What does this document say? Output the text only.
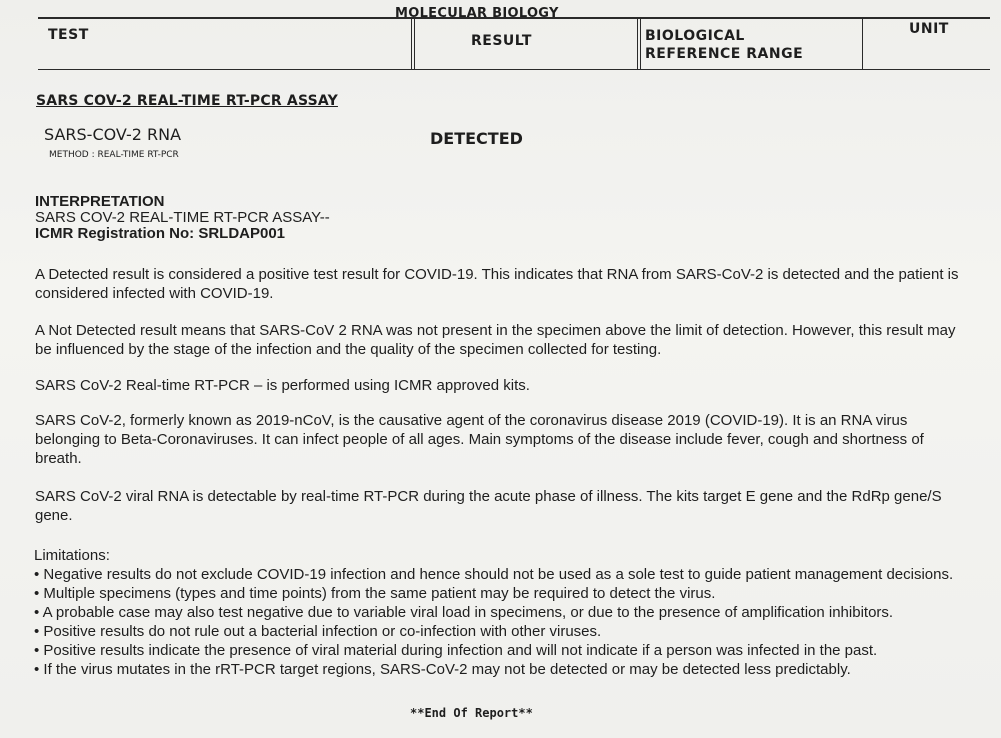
MOLECULAR BIOLOGY
TEST	RESULT	BIOLOGICAL
REFERENCE RANGE
UNIT
SARS COV-2 REAL-TIME RT-PCR ASSAY
SARS-COV-2 RNA
METHOD : REAL-TIME RT-PCR
DETECTED
INTERPRETATION
SARS COV-2 REAL-TIME RT-PCR ASSAY--
ICMR Registration No: SRLDAP001
A Detected result is considered a positive test result for COVID-19. This indicates that RNA from SARS-CoV-2 is detected and the patient is considered infected with COVID-19.
A Not Detected result means that SARS-CoV 2 RNA was not present in the specimen above the limit of detection. However, this result may be influenced by the stage of the infection and the quality of the specimen collected for testing.
SARS CoV-2 Real-time RT-PCR – is performed using ICMR approved kits.
SARS CoV-2, formerly known as 2019-nCoV, is the causative agent of the coronavirus disease 2019 (COVID-19). It is an RNA virus belonging to Beta-Coronaviruses. It can infect people of all ages. Main symptoms of the disease include fever, cough and shortness of breath.
SARS CoV-2 viral RNA is detectable by real-time RT-PCR during the acute phase of illness. The kits target E gene and the RdRp gene/S gene.
Limitations:
• Negative results do not exclude COVID-19 infection and hence should not be used as a sole test to guide patient management decisions.
• Multiple specimens (types and time points) from the same patient may be required to detect the virus.
• A probable case may also test negative due to variable viral load in specimens, or due to the presence of amplification inhibitors.
• Positive results do not rule out a bacterial infection or co-infection with other viruses.
• Positive results indicate the presence of viral material during infection and will not indicate if a person was infected in the past.
• If the virus mutates in the rRT-PCR target regions, SARS-CoV-2 may not be detected or may be detected less predictably.
**End Of Report**
